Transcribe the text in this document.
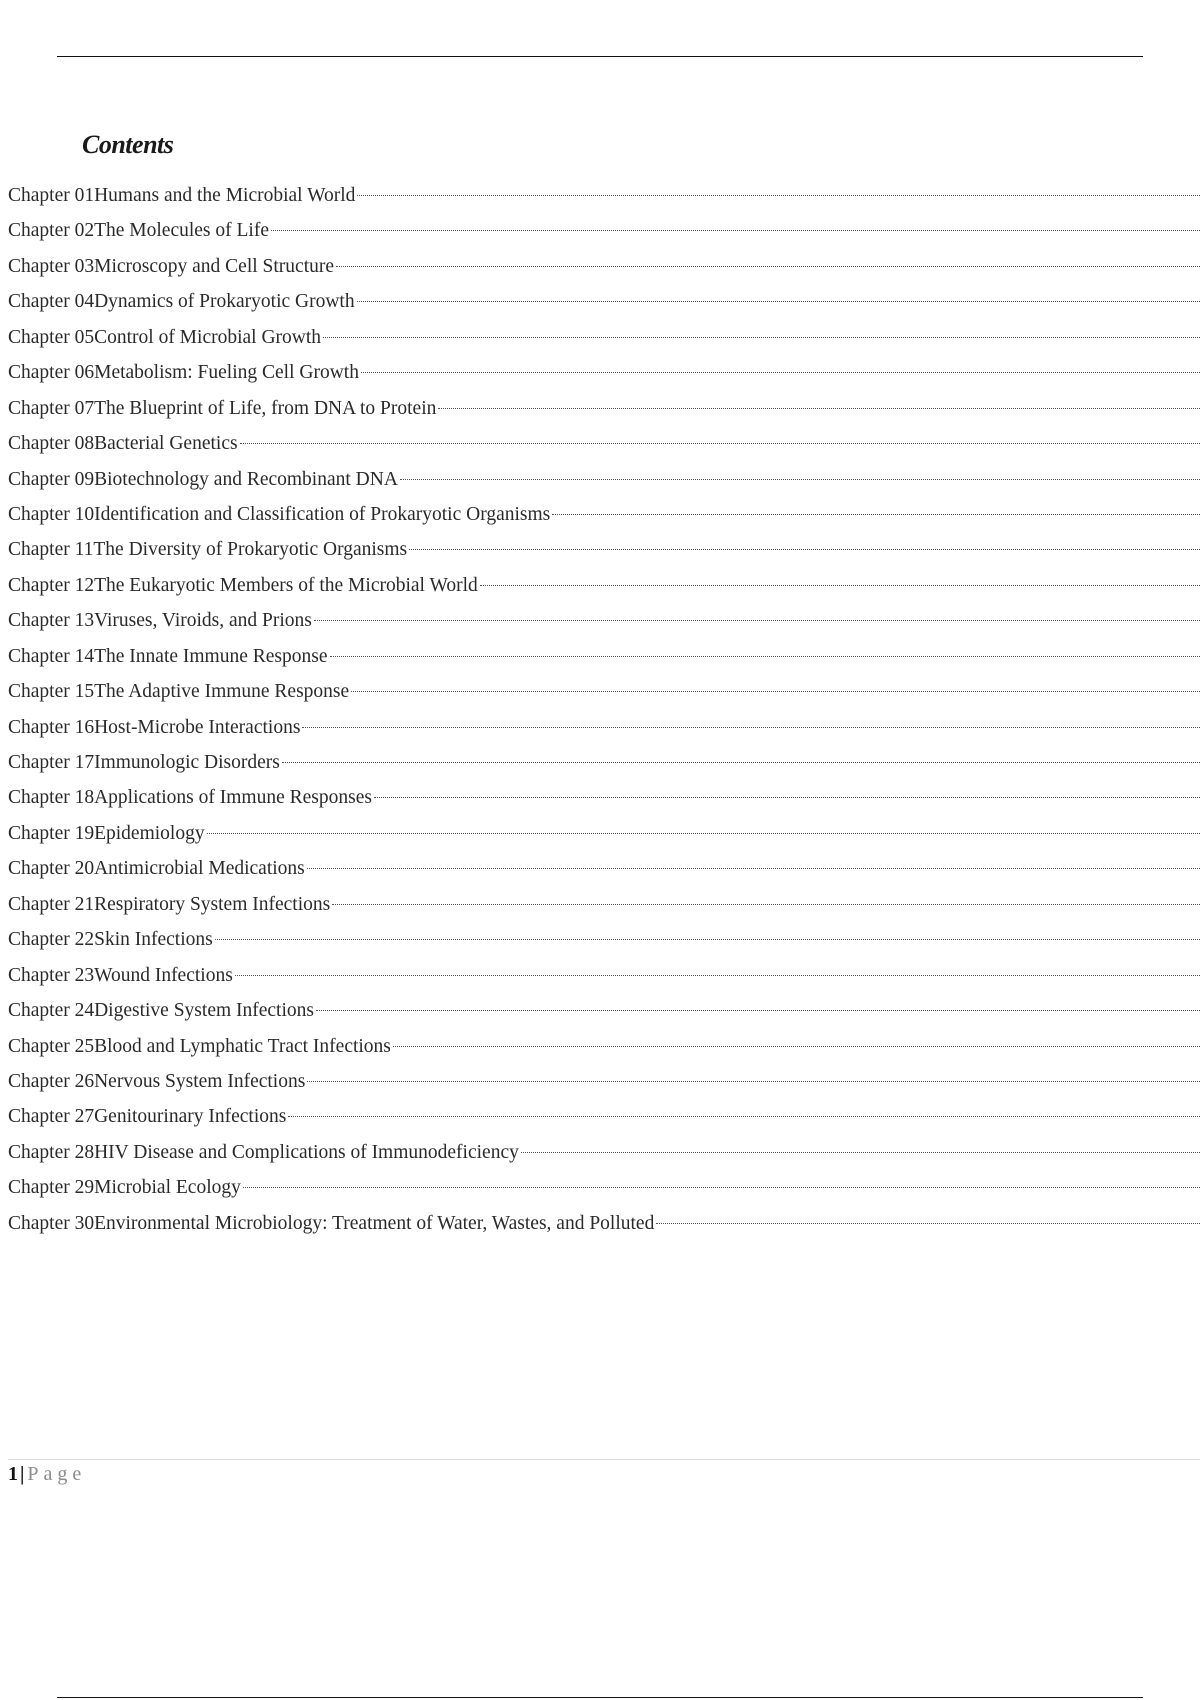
Contents
Chapter 01Humans and the Microbial World
Chapter 02The Molecules of Life
Chapter 03Microscopy and Cell Structure
Chapter 04Dynamics of Prokaryotic Growth
Chapter 05Control of Microbial Growth
Chapter 06Metabolism: Fueling Cell Growth
Chapter 07The Blueprint of Life, from DNA to Protein
Chapter 08Bacterial Genetics
Chapter 09Biotechnology and Recombinant DNA
Chapter 10Identification and Classification of Prokaryotic Organisms
Chapter 11The Diversity of Prokaryotic Organisms
Chapter 12The Eukaryotic Members of the Microbial World
Chapter 13Viruses, Viroids, and Prions
Chapter 14The Innate Immune Response
Chapter 15The Adaptive Immune Response
Chapter 16Host-Microbe Interactions
Chapter 17Immunologic Disorders
Chapter 18Applications of Immune Responses
Chapter 19Epidemiology
Chapter 20Antimicrobial Medications
Chapter 21Respiratory System Infections
Chapter 22Skin Infections
Chapter 23Wound Infections
Chapter 24Digestive System Infections
Chapter 25Blood and Lymphatic Tract Infections
Chapter 26Nervous System Infections
Chapter 27Genitourinary Infections
Chapter 28HIV Disease and Complications of Immunodeficiency
Chapter 29Microbial Ecology
Chapter 30Environmental Microbiology: Treatment of Water, Wastes, and Polluted
1 | Page
